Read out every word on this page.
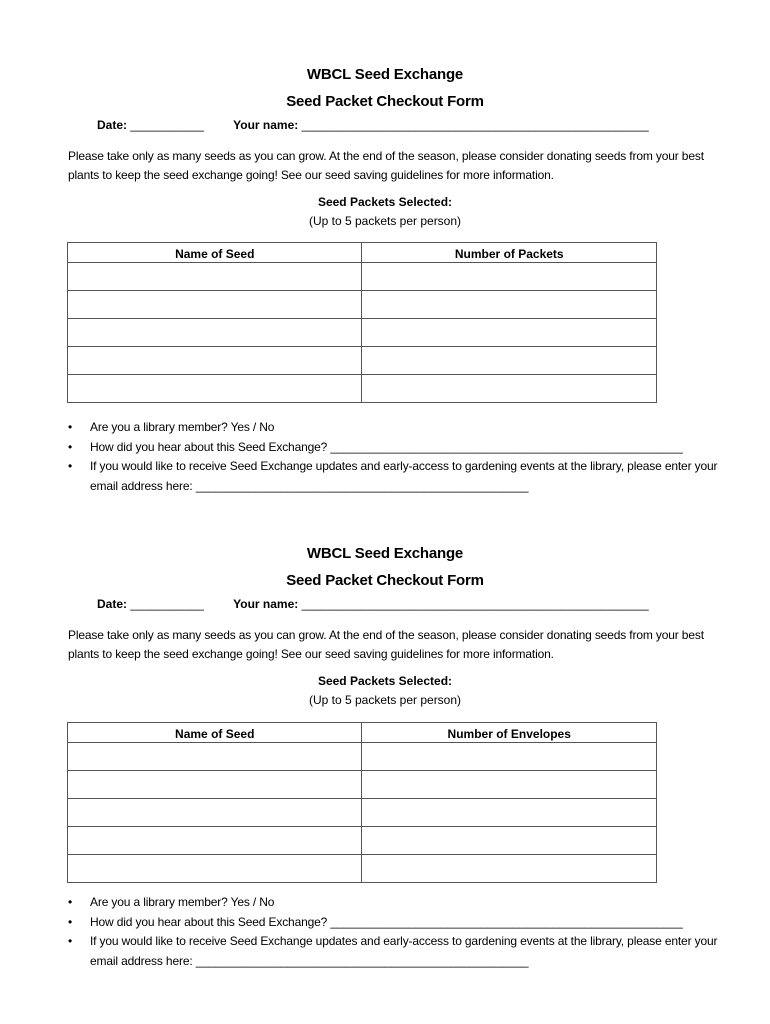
WBCL Seed Exchange
Seed Packet Checkout Form
Date: ___________ Your name: ____________________________________________________
Please take only as many seeds as you can grow. At the end of the season, please consider donating seeds from your best plants to keep the seed exchange going! See our seed saving guidelines for more information.
Seed Packets Selected:
(Up to 5 packets per person)
Name of Seed	Number of Packets

• Are you a library member? Yes / No
• How did you hear about this Seed Exchange? ______________________________________________________
• If you would like to receive Seed Exchange updates and early-access to gardening events at the library, please enter your email address here: ___________________________________________________
WBCL Seed Exchange
Seed Packet Checkout Form
Date: ___________ Your name: ____________________________________________________
Please take only as many seeds as you can grow. At the end of the season, please consider donating seeds from your best plants to keep the seed exchange going! See our seed saving guidelines for more information.
Seed Packets Selected:
(Up to 5 packets per person)
Name of Seed	Number of Envelopes

• Are you a library member? Yes / No
• How did you hear about this Seed Exchange? ______________________________________________________
• If you would like to receive Seed Exchange updates and early-access to gardening events at the library, please enter your email address here: ___________________________________________________
